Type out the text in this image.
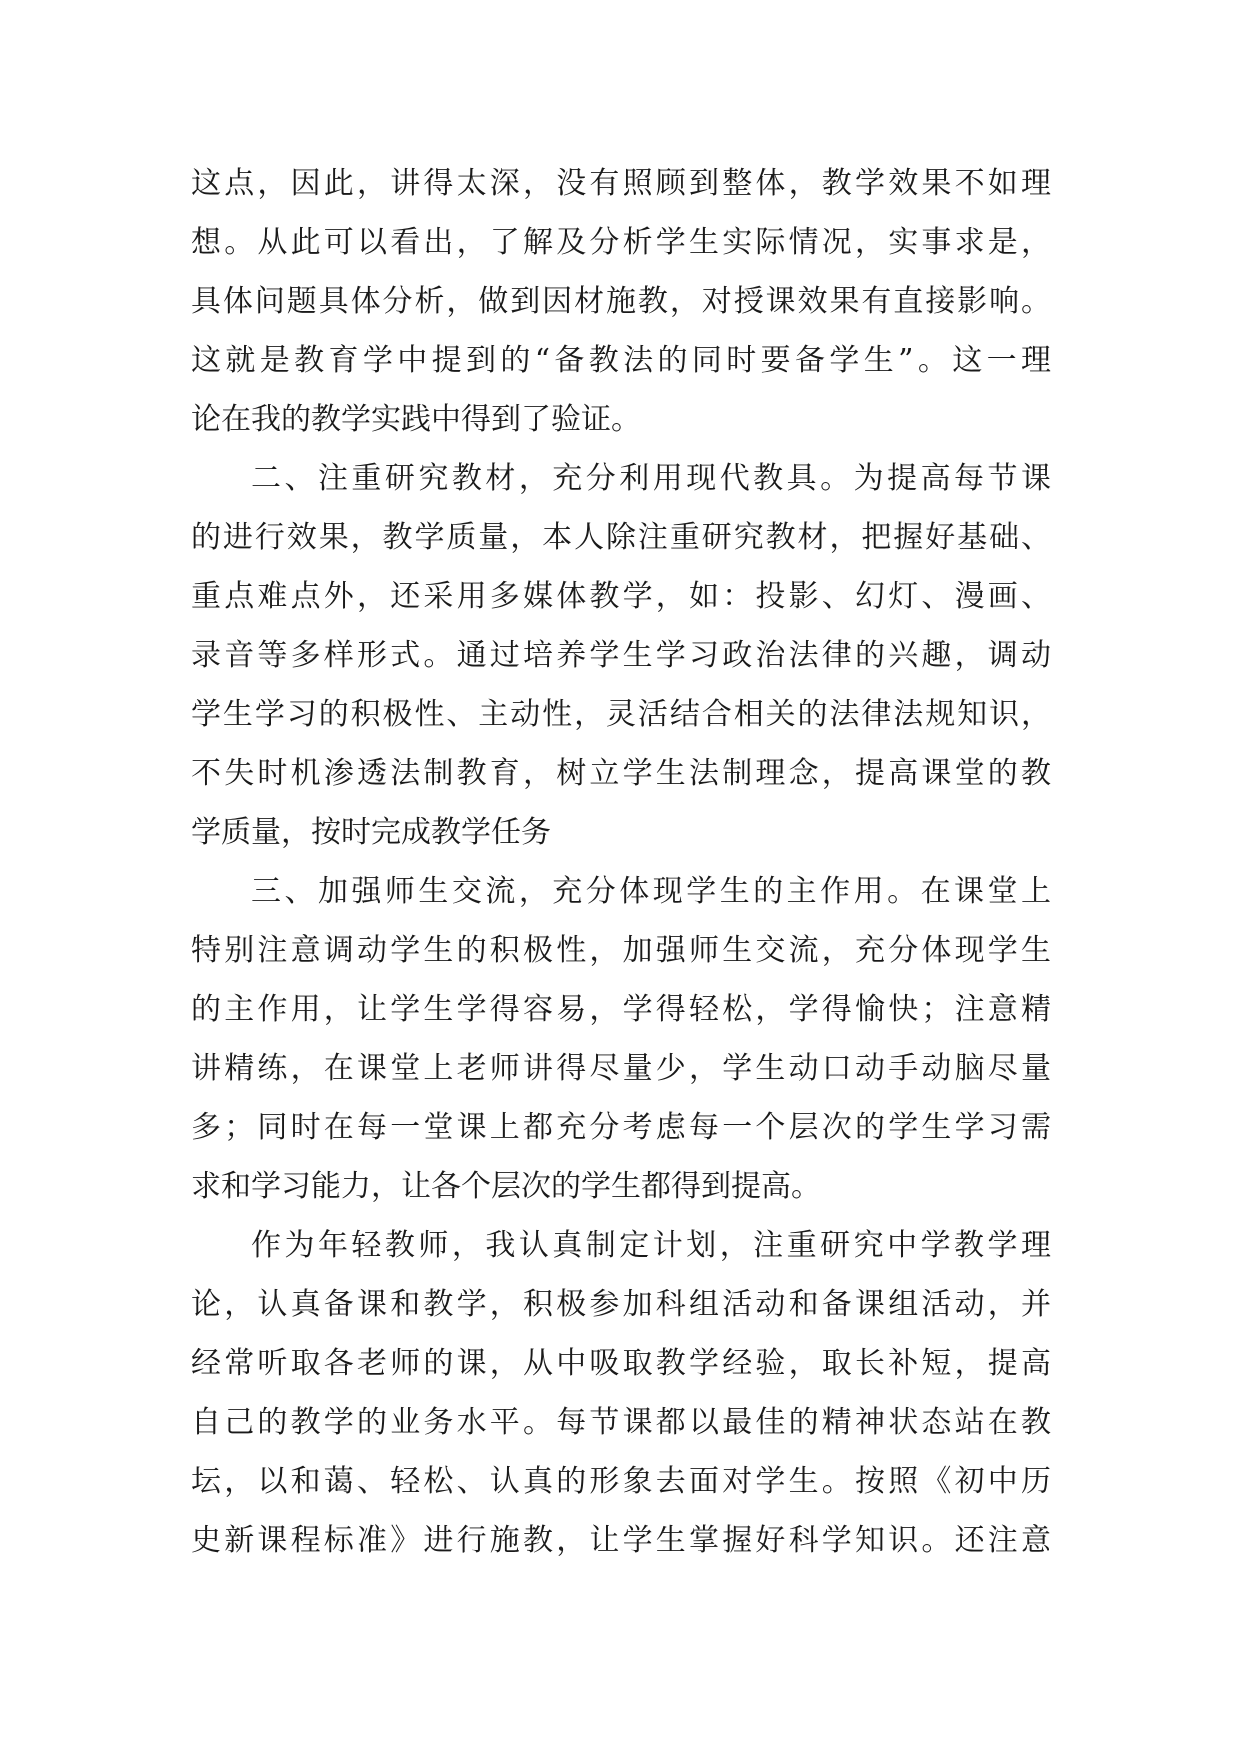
这点，因此，讲得太深，没有照顾到整体，教学效果不如理
想。从此可以看出，了解及分析学生实际情况，实事求是，
具体问题具体分析，做到因材施教，对授课效果有直接影响。
这就是教育学中提到的“备教法的同时要备学生”。这一理
论在我的教学实践中得到了验证。
二、注重研究教材，充分利用现代教具。为提高每节课
的进行效果，教学质量，本人除注重研究教材，把握好基础、
重点难点外，还采用多媒体教学，如：投影、幻灯、漫画、
录音等多样形式。通过培养学生学习政治法律的兴趣，调动
学生学习的积极性、主动性，灵活结合相关的法律法规知识，
不失时机渗透法制教育，树立学生法制理念，提高课堂的教
学质量，按时完成教学任务
三、加强师生交流，充分体现学生的主作用。在课堂上
特别注意调动学生的积极性，加强师生交流，充分体现学生
的主作用，让学生学得容易，学得轻松，学得愉快；注意精
讲精练，在课堂上老师讲得尽量少，学生动口动手动脑尽量
多；同时在每一堂课上都充分考虑每一个层次的学生学习需
求和学习能力，让各个层次的学生都得到提高。
作为年轻教师，我认真制定计划，注重研究中学教学理
论，认真备课和教学，积极参加科组活动和备课组活动，并
经常听取各老师的课，从中吸取教学经验，取长补短，提高
自己的教学的业务水平。每节课都以最佳的精神状态站在教
坛，以和蔼、轻松、认真的形象去面对学生。按照《初中历
史新课程标准》进行施教，让学生掌握好科学知识。还注意
